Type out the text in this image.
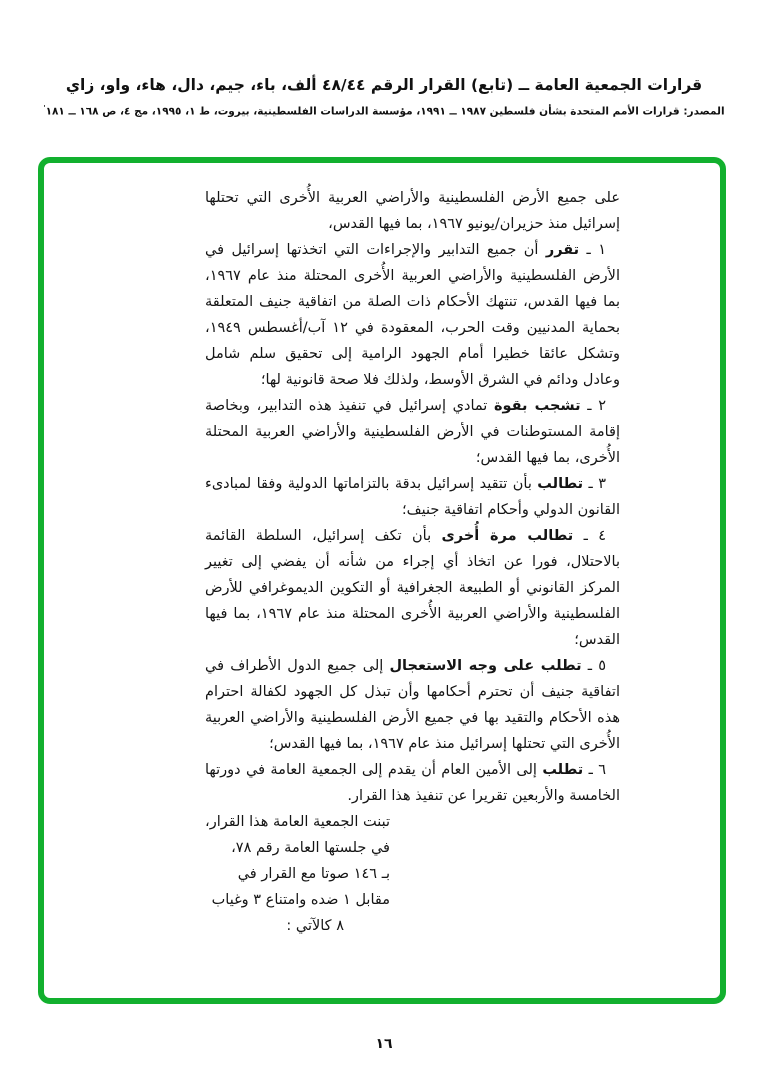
قرارات الجمعية العامة ــ (تابع) القرار الرقم ٤٨/٤٤ ألف، باء، جيم، دال، هاء، واو، زاي
المصدر: قرارات الأمم المتحدة بشأن فلسطين ١٩٨٧ ــ ١٩٩١، مؤسسة الدراسات الفلسطينية، بيروت، ط ١، ١٩٩٥، مج ٤، ص ١٦٨ ــ ١٨١'
على جميع الأرض الفلسطينية والأراضي العربية الأُخرى التي تحتلها إسرائيل منذ حزيران/يونيو ١٩٦٧، بما فيها القدس،
١ ـ تقرر أن جميع التدابير والإجراءات التي اتخذتها إسرائيل في الأرض الفلسطينية والأراضي العربية الأُخرى المحتلة منذ عام ١٩٦٧، بما فيها القدس، تنتهك الأحكام ذات الصلة من اتفاقية جنيف المتعلقة بحماية المدنيين وقت الحرب، المعقودة في ١٢ آب/أغسطس ١٩٤٩، وتشكل عائقا خطيرا أمام الجهود الرامية إلى تحقيق سلم شامل وعادل ودائم في الشرق الأوسط، ولذلك فلا صحة قانونية لها؛
٢ ـ تشجب بقوة تمادي إسرائيل في تنفيذ هذه التدابير، وبخاصة إقامة المستوطنات في الأرض الفلسطينية والأراضي العربية المحتلة الأُخرى، بما فيها القدس؛
٣ ـ تطالب بأن تتقيد إسرائيل بدقة بالتزاماتها الدولية وفقا لمبادىء القانون الدولي وأحكام اتفاقية جنيف؛
٤ ـ تطالب مرة أُخرى بأن تكف إسرائيل، السلطة القائمة بالاحتلال، فورا عن اتخاذ أي إجراء من شأنه أن يفضي إلى تغيير المركز القانوني أو الطبيعة الجغرافية أو التكوين الديموغرافي للأرض الفلسطينية والأراضي العربية الأُخرى المحتلة منذ عام ١٩٦٧، بما فيها القدس؛
٥ ـ تطلب على وجه الاستعجال إلى جميع الدول الأطراف في اتفاقية جنيف أن تحترم أحكامها وأن تبذل كل الجهود لكفالة احترام هذه الأحكام والتقيد بها في جميع الأرض الفلسطينية والأراضي العربية الأُخرى التي تحتلها إسرائيل منذ عام ١٩٦٧، بما فيها القدس؛
٦ ـ تطلب إلى الأمين العام أن يقدم إلى الجمعية العامة في دورتها الخامسة والأربعين تقريرا عن تنفيذ هذا القرار.
تبنت الجمعية العامة هذا القرار،
في جلستها العامة رقم ٧٨،
بـ ١٤٦ صوتا مع القرار في
مقابل ١ ضده وامتناع ٣ وغياب
٨ كالآتي :
١٦
